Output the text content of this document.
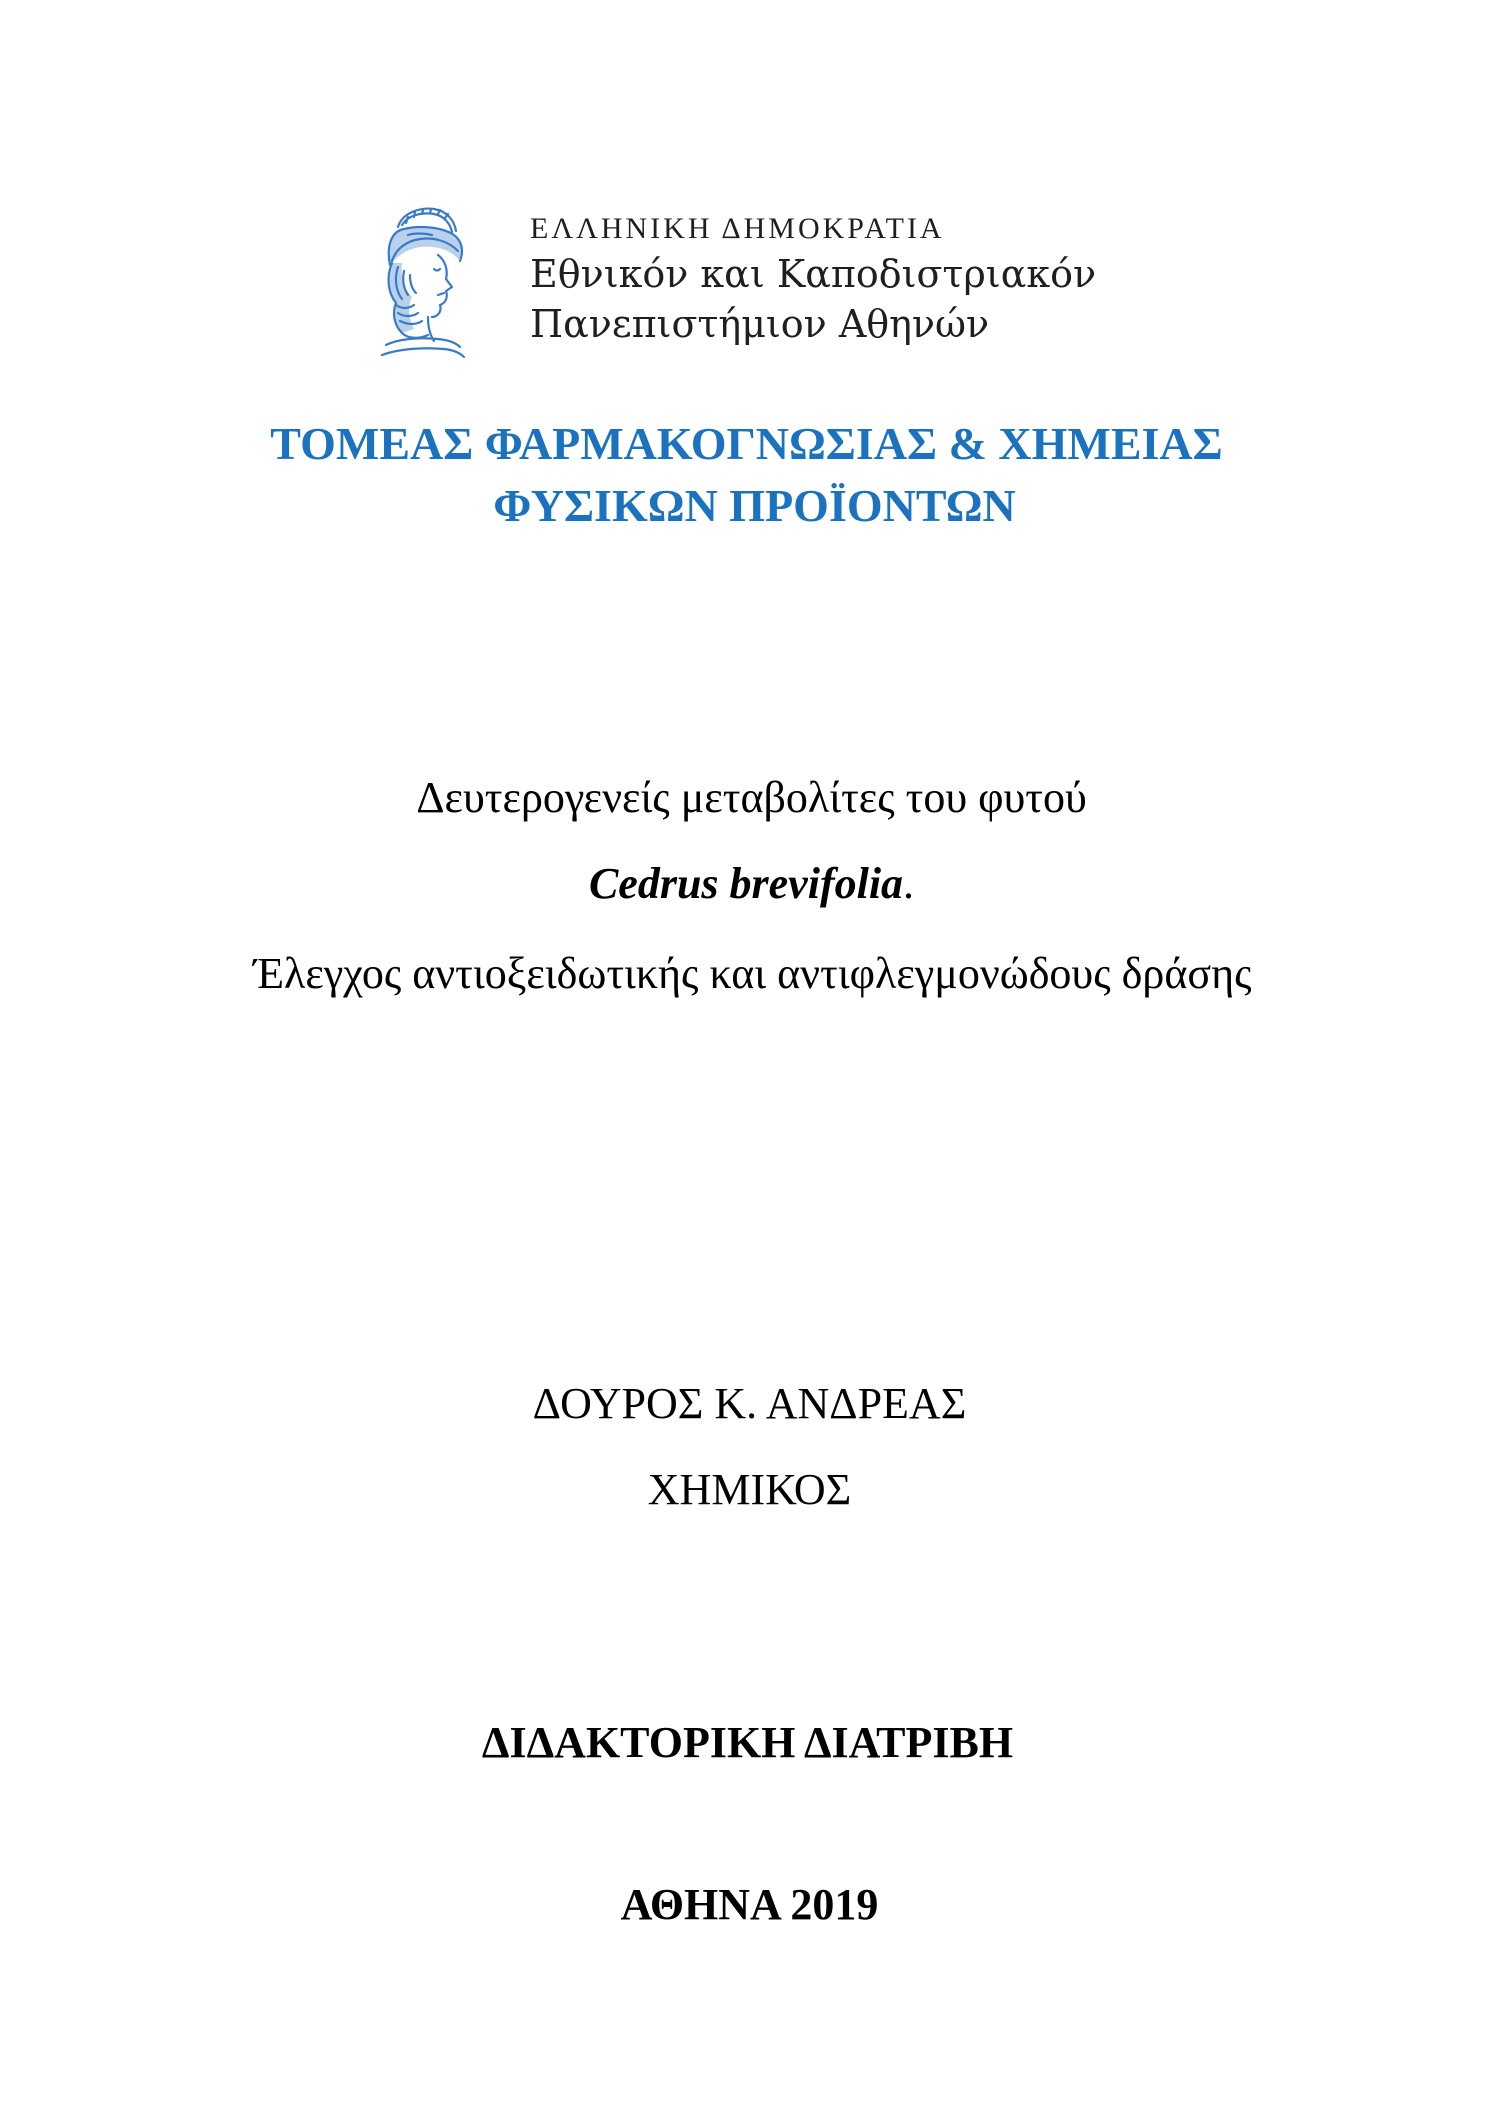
ΕΛΛΗΝΙΚΗ ΔΗΜΟΚΡΑΤΙΑ
Εθνικόν και Καποδιστριακόν
Πανεπιστήμιον Αθηνών
ΤΟΜΕΑΣ ΦΑΡΜΑΚΟΓΝΩΣΙΑΣ & ΧΗΜΕΙΑΣ
ΦΥΣΙΚΩΝ ΠΡΟΪΟΝΤΩΝ
Δευτερογενείς μεταβολίτες του φυτού
Cedrus brevifolia.
Έλεγχος αντιοξειδωτικής και αντιφλεγμονώδους δράσης
ΔΟΥΡΟΣ Κ. ΑΝΔΡΕΑΣ
ΧΗΜΙΚΟΣ
ΔΙΔΑΚΤΟΡΙΚΗ ΔΙΑΤΡΙΒΗ
ΑΘΗΝΑ 2019
